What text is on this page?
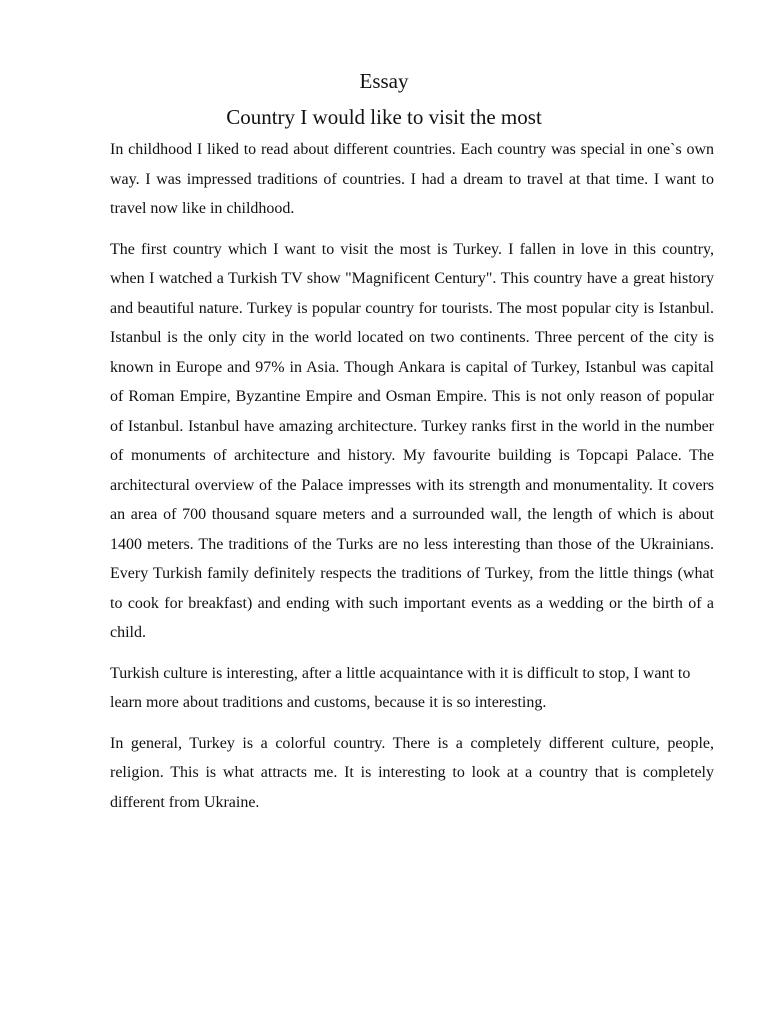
Essay
Country I would like to visit the most

In childhood I liked to read about different countries. Each country was special in one`s own way. I was impressed traditions of countries. I had a dream to travel at that time. I want to travel now like in childhood.

The first country which I want to visit the most is Turkey. I fallen in love in this country, when I watched a Turkish TV show "Magnificent Century". This country have a great history and beautiful nature. Turkey is popular country for tourists. The most popular city is Istanbul. Istanbul is the only city in the world located on two continents. Three percent of the city is known in Europe and 97% in Asia. Though Ankara is capital of Turkey, Istanbul was capital of Roman Empire, Byzantine Empire and Osman Empire. This is not only reason of popular of Istanbul. Istanbul have amazing architecture. Turkey ranks first in the world in the number of monuments of architecture and history. My favourite building is Topcapi Palace. The architectural overview of the Palace impresses with its strength and monumentality. It covers an area of 700 thousand square meters and a surrounded wall, the length of which is about 1400 meters. The traditions of the Turks are no less interesting than those of the Ukrainians. Every Turkish family definitely respects the traditions of Turkey, from the little things (what to cook for breakfast) and ending with such important events as a wedding or the birth of a child.

Turkish culture is interesting, after a little acquaintance with it is difficult to stop, I want to learn more about traditions and customs, because it is so interesting.

In general, Turkey is a colorful country. There is a completely different culture, people, religion. This is what attracts me. It is interesting to look at a country that is completely different from Ukraine.
